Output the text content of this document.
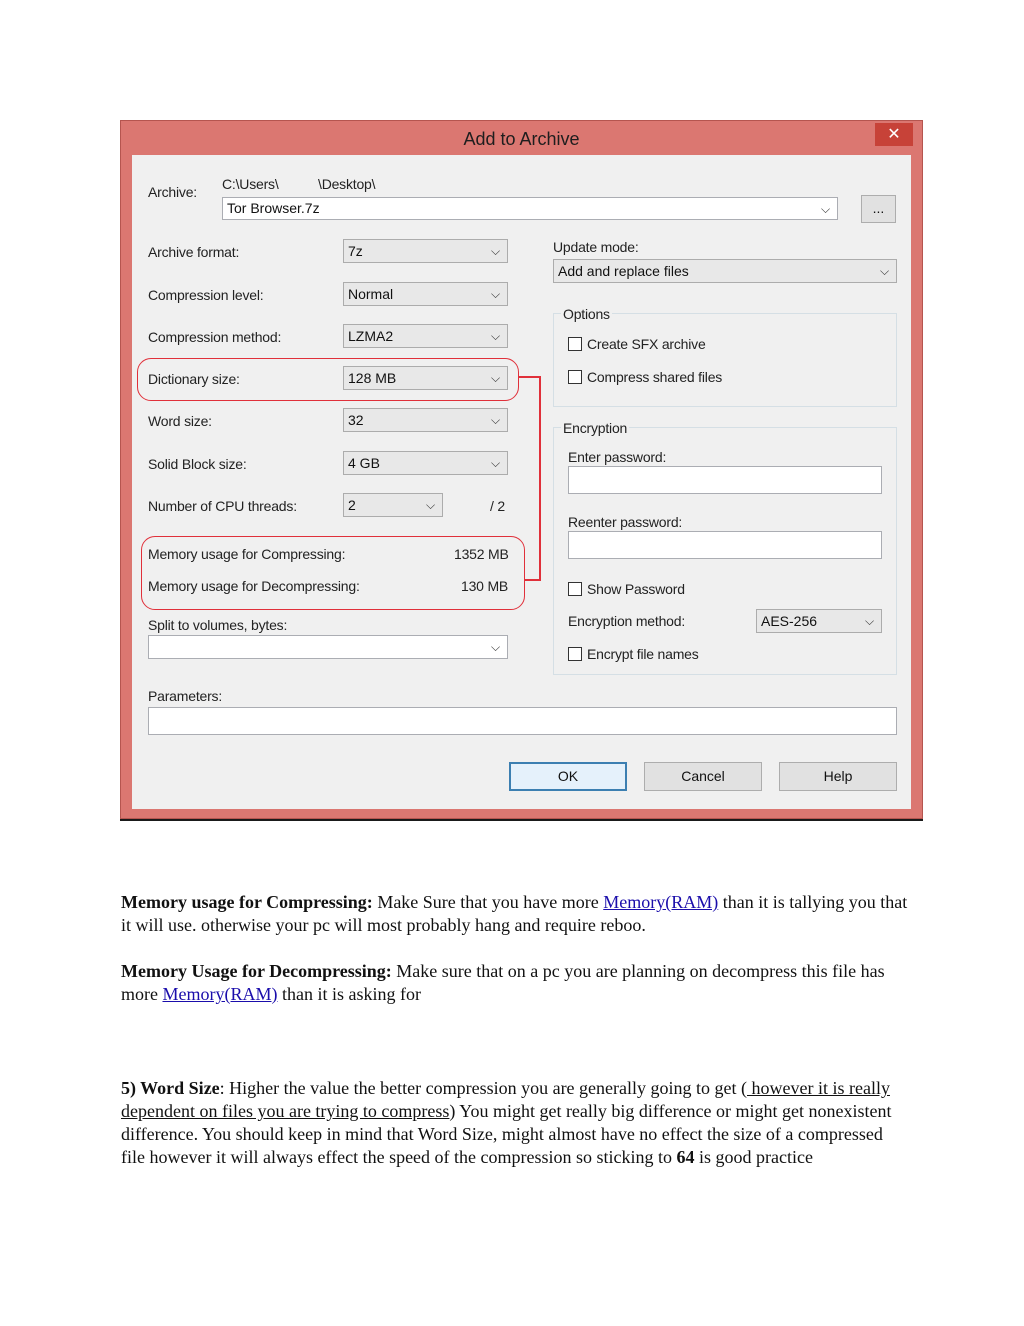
Add to Archive	✕
Archive: C:\Users\	\Desktop\
Tor Browser.7z	⌵	...
Archive format:	7z	⌵
Compression level:	Normal	⌵
Compression method:	LZMA2	⌵
Dictionary size:	128 MB	⌵
Word size:	32	⌵
Solid Block size:	4 GB	⌵
Number of CPU threads:	2	⌵	/ 2
Memory usage for Compressing:	1352 MB
Memory usage for Decompressing:	130 MB
Split to volumes, bytes:
⌵
Parameters:
Update mode:
Add and replace files	⌵
Options
Create SFX archive
Compress shared files
Encryption
Enter password:
Reenter password:
Show Password
Encryption method:	AES-256	⌵
Encrypt file names
OK	Cancel	Help
Memory usage for Compressing: Make Sure that you have more Memory(RAM) than it is tallying you that it will use. otherwise your pc will most probably hang and require reboo.
Memory Usage for Decompressing: Make sure that on a pc you are planning on decompress this file has more Memory(RAM) than it is asking for
5) Word Size: Higher the value the better compression you are generally going to get ( however it is really dependent on files you are trying to compress) You might get really big difference or might get nonexistent difference. You should keep in mind that Word Size, might almost have no effect the size of a compressed file however it will always effect the speed of the compression so sticking to 64 is good practice
